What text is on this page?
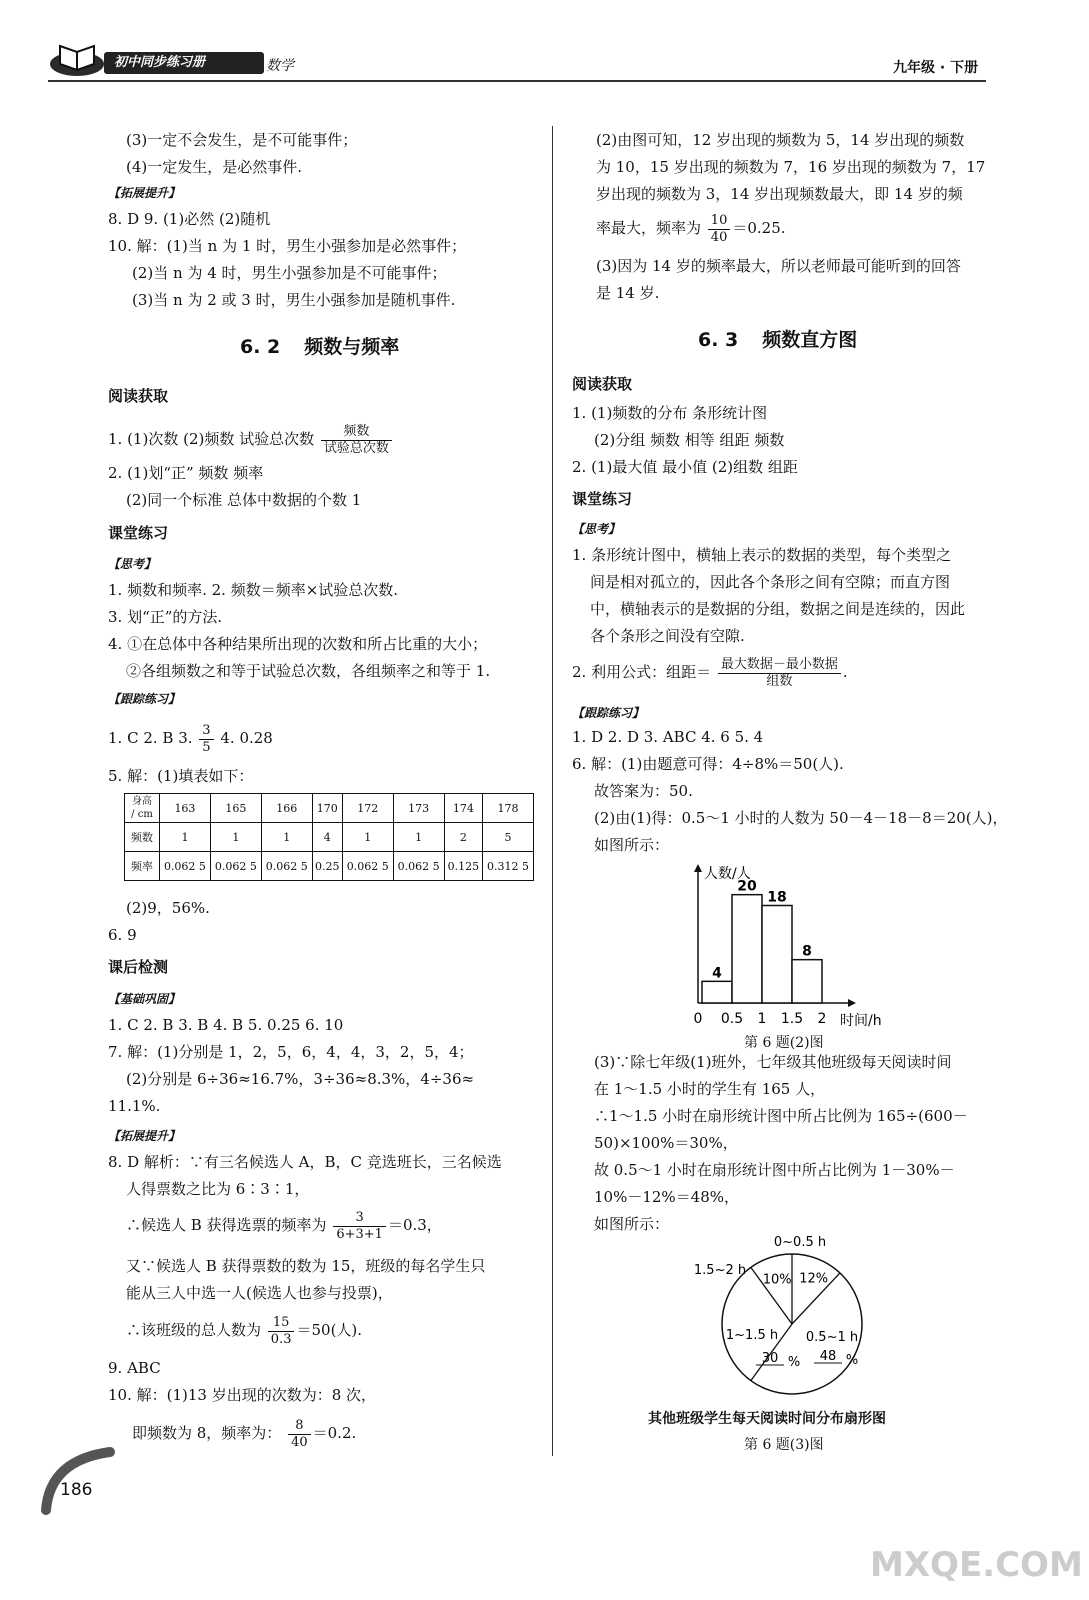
初中同步练习册	数学	九年级 · 下册
(3)一定不会发生，是不可能事件；
(4)一定发生，是必然事件.
【拓展提升】
8. D 9. (1)必然 (2)随机
10. 解：(1)当 n 为 1 时，男生小强参加是必然事件；
(2)当 n 为 4 时，男生小强参加是不可能事件；
(3)当 n 为 2 或 3 时，男生小强参加是随机事件.
6. 2 频数与频率
阅读获取
1. (1)次数 (2)频数 试验总次数 $\frac{\text{频数}}{\text{试验总次数}}$
2. (1)划“正” 频数 频率
(2)同一个标准 总体中数据的个数 1
课堂练习
【思考】
1. 频数和频率. 2. 频数＝频率×试验总次数.
3. 划“正”的方法.
4. ①在总体中各种结果所出现的次数和所占比重的大小；
②各组频数之和等于试验总次数，各组频率之和等于 1.
【跟踪练习】
1. C 2. B 3. $\frac{3}{5} 4$. 0.28
5. 解：(1)填表如下：
身高
/ cm	163	165	166	170	172	173	174	178
频数	1	1	1	4	1	1	2	5
频率	0.062 5	0.062 5	0.062 5	0.25	0.062 5	0.062 5	0.125	0.312 5
(2)9，56%.
6. 9
课后检测
【基础巩固】
1. C 2. B 3. B 4. B 5. 0.25 6. 10
7. 解：(1)分别是 1，2，5，6，4，4，3，2，5，4；
(2)分别是 6÷36≈16.7%，3÷36≈8.3%，4÷36≈
11.1%.
【拓展提升】
8. D 解析：∵有三名候选人 A，B，C 竞选班长，三名候选
人得票数之比为 6∶3∶1，
∴候选人 B 获得选票的频率为 $\frac{3}{6+3+1} =0.3$，
又∵候选人 B 获得票数的数为 15，班级的每名学生只
能从三人中选一人(候选人也参与投票)，
∴该班级的总人数为 $\frac{15}{0.3} =50$(人).
9. ABC
10. 解：(1)13 岁出现的次数为：8 次，
即频数为 8，频率为： $\frac{8}{40} =0.2$.
(2)由图可知，12 岁出现的频数为 5，14 岁出现的频数
为 10，15 岁出现的频数为 7，16 岁出现的频数为 7，17
岁出现的频数为 3，14 岁出现频数最大，即 14 岁的频
率最大，频率为 $\frac{10}{40} =0.25$.
(3)因为 14 岁的频率最大，所以老师最可能听到的回答
是 14 岁.
6. 3 频数直方图
阅读获取
1. (1)频数的分布 条形统计图
(2)分组 频数 相等 组距 频数
2. (1)最大值 最小值 (2)组数 组距
课堂练习
【思考】
1. 条形统计图中，横轴上表示的数据的类型，每个类型之
间是相对孤立的，因此各个条形之间有空隙；而直方图
中，横轴表示的是数据的分组，数据之间是连续的，因此
各个条形之间没有空隙.
2. 利用公式：组距＝ $\frac{\text{最大数据－最小数据}}{\text{组数}}$ .
【跟踪练习】
1. D 2. D 3. ABC 4. 6 5. 4
6. 解：(1)由题意可得：4÷8%＝50(人).
故答案为：50.
(2)由(1)得：0.5～1 小时的人数为 50－4－18－8＝20(人)，
如图所示：
人数/人
时间/h
4
20
18
8
0 0.5 1 1.5 2
第 6 题(2)图
(3)∵除七年级(1)班外，七年级其他班级每天阅读时间
在 1～1.5 小时的学生有 165 人，
∴1～1.5 小时在扇形统计图中所占比例为 165÷(600－
50)×100%＝30%，
故 0.5～1 小时在扇形统计图中所占比例为 1－30%－
10%－12%＝48%，
如图所示：
0~0.5 h
0.5~1 h
1~1.5 h
1.5~2 h
12%
10%
48 %
30 %
其他班级学生每天阅读时间分布扇形图
第 6 题(3)图
186
MXQE.COM
